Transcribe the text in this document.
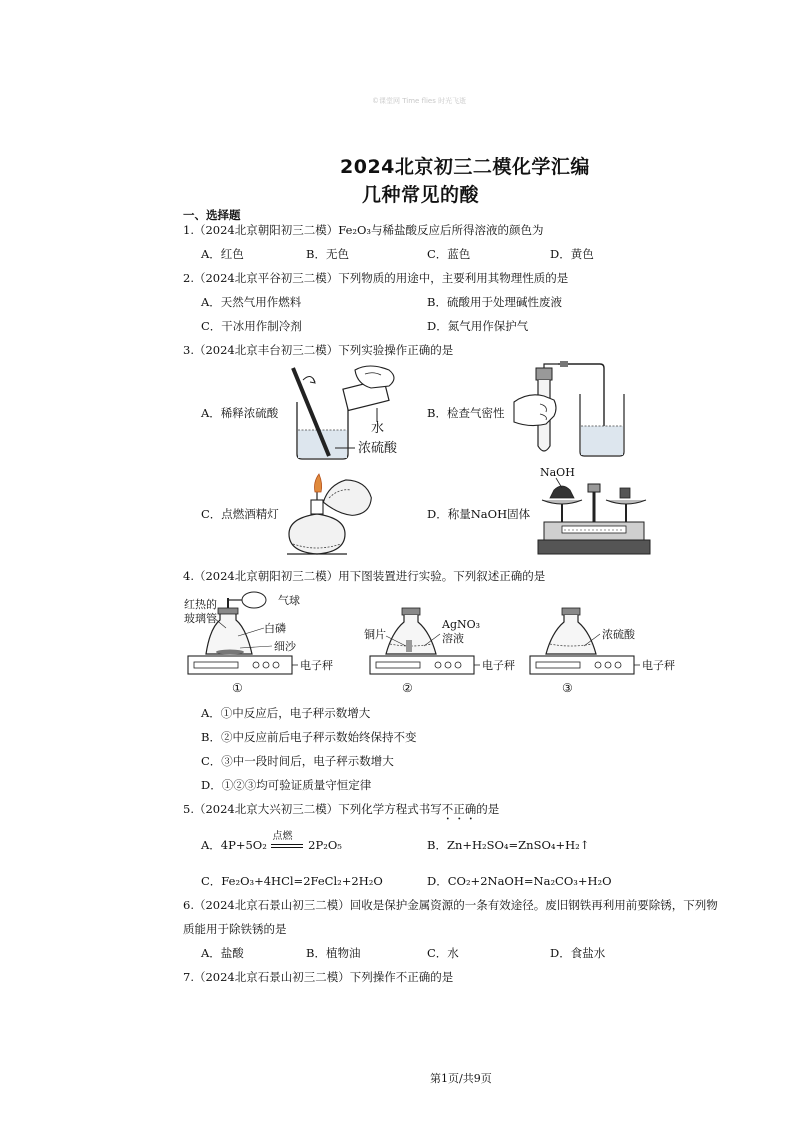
©课堂网 Time flies 时光飞逝
2024北京初三二模化学汇编
几种常见的酸
一、选择题
1.（2024北京朝阳初三二模）Fe₂O₃与稀盐酸反应后所得溶液的颜色为
A．红色	B．无色	C．蓝色	D．黄色
2.（2024北京平谷初三二模）下列物质的用途中，主要利用其物理性质的是
A．天然气用作燃料	B．硫酸用于处理碱性废液
C．干冰用作制冷剂	D．氮气用作保护气
3.（2024北京丰台初三二模）下列实验操作正确的是
A．稀释浓硫酸	B．检查气密性
C．点燃酒精灯	D．称量NaOH固体
水
浓硫酸
NaOH
4.（2024北京朝阳初三二模）用下图装置进行实验。下列叙述正确的是
红热的
玻璃管
气球
白磷
细沙
电子秤
①
铜片
AgNO₃
溶液
电子秤
②
浓硫酸
电子秤
③
A．①中反应后，电子秤示数增大
B．②中反应前后电子秤示数始终保持不变
C．③中一段时间后，电子秤示数增大
D．①②③均可验证质量守恒定律
5.（2024北京大兴初三二模）下列化学方程式书写不正确的是
A．4P+5O₂
点燃
2P₂O₅	B．Zn+H₂SO₄=ZnSO₄+H₂↑
C．Fe₂O₃+4HCl=2FeCl₂+2H₂O	D．CO₂+2NaOH=Na₂CO₃+H₂O
6.（2024北京石景山初三二模）回收是保护金属资源的一条有效途径。废旧钢铁再利用前要除锈，下列物
质能用于除铁锈的是
A．盐酸	B．植物油	C．水	D．食盐水
7.（2024北京石景山初三二模）下列操作不正确的是
第1页/共9页
